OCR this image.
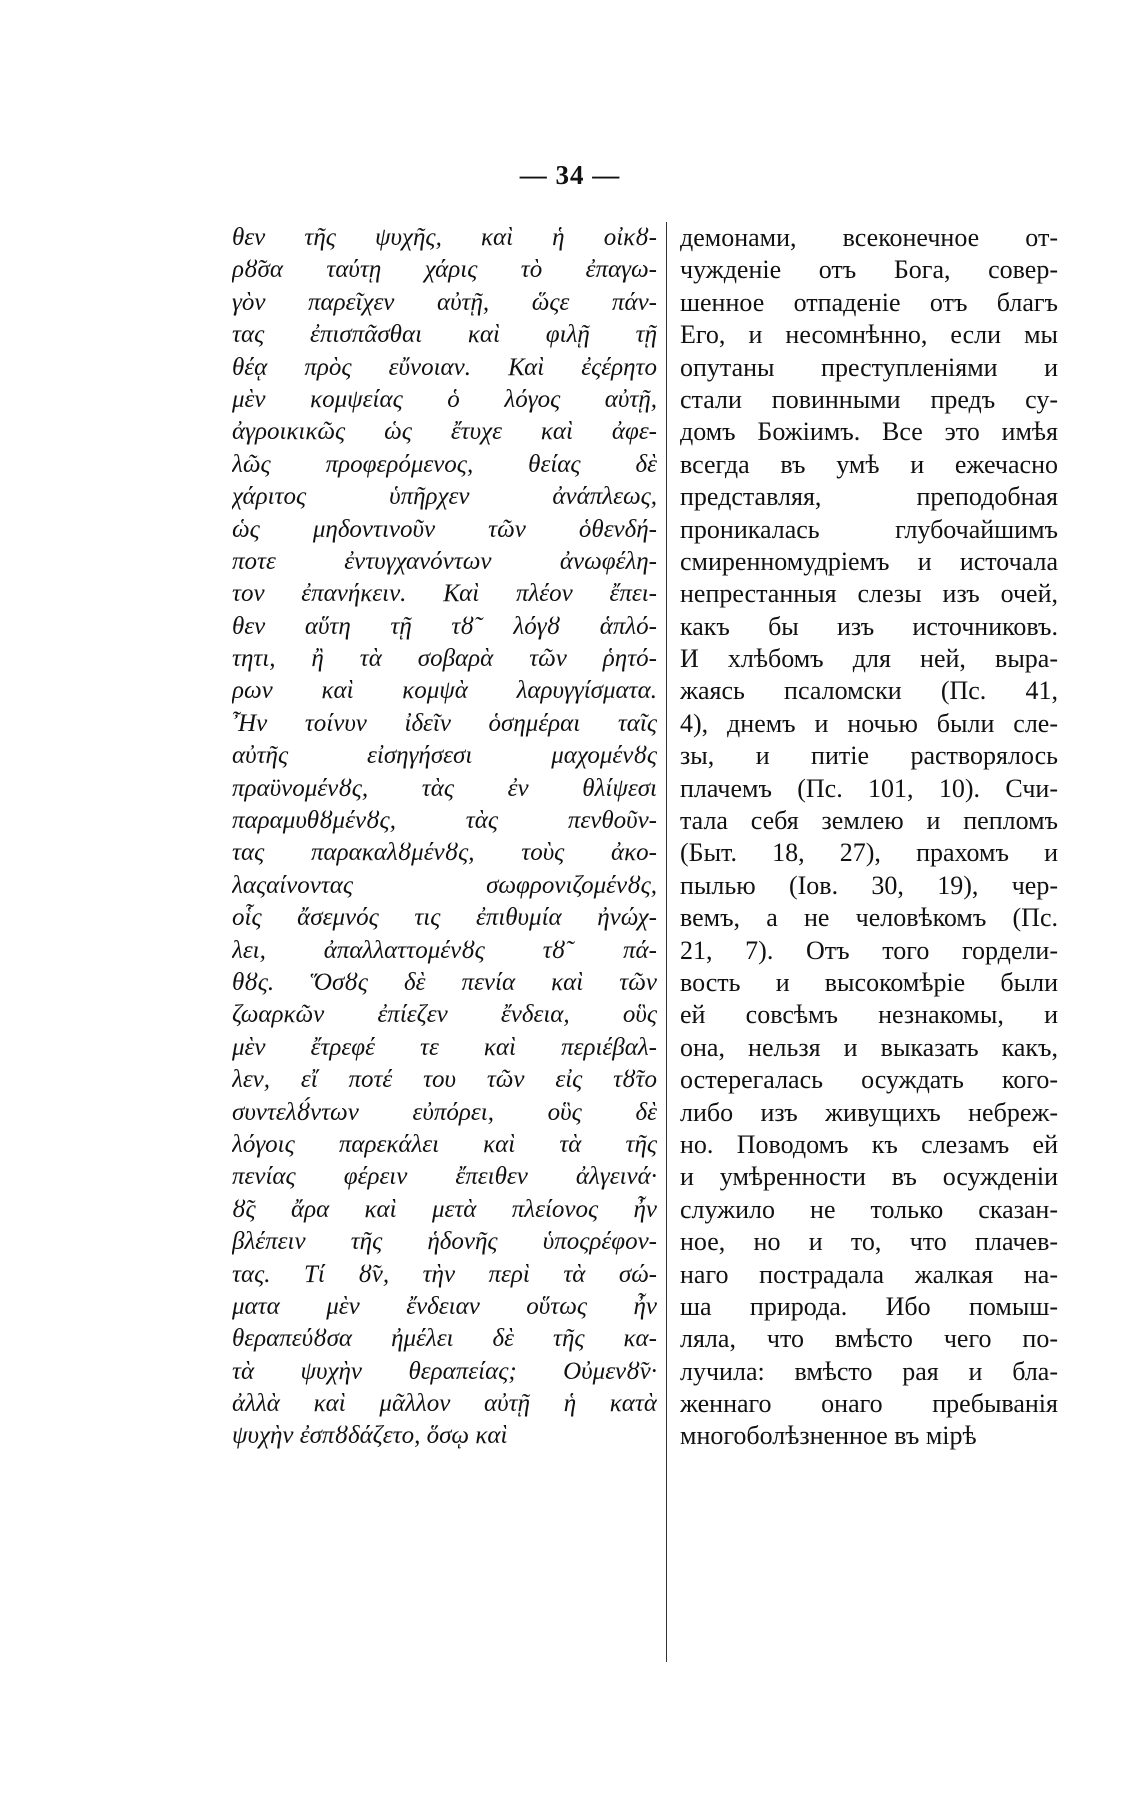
— 34 —
θεν τῆς ψυχῆς, καὶ ἡ οἰκȣ-
ρȣ̃σα ταύτῃ χάρις τὸ ἐπαγω-
γὸν παρεῖχεν αὐτῇ, ὥςε πάν-
τας ἐπισπᾶσθαι καὶ φιλῇ τῇ
θέᾳ πρὸς εὔνοιαν. Καὶ ἐςέρητο
μὲν κομψείας ὁ λόγος αὐτῇ,
ἀγροικικῶς ὡς ἔτυχε καὶ ἀφε-
λῶς προφερόμενος, θείας δὲ
χάριτος ὑπῆρχεν ἀνάπλεως,
ὡς μηδοντινοῦν τῶν ὁθενδή-
ποτε ἐντυγχανόντων ἀνωφέλη-
τον ἐπανήκειν. Καὶ πλέον ἔπει-
θεν αὕτη τῇ τȣ̃ λόγȣ ἁπλό-
τητι, ἢ τὰ σοβαρὰ τῶν ῥητό-
ρων καὶ κομψὰ λαρυγγίσματα.
Ἦν τοίνυν ἰδεῖν ὁσημέραι ταῖς
αὐτῆς εἰσηγήσεσι μαχομένȣς
πραϋνομένȣς, τὰς ἐν θλίψεσι
παραμυθȣμένȣς, τὰς πενθοῦν-
τας παρακαλȣμένȣς, τοὺς ἀκο-
λαςαίνοντας σωφρονιζομένȣς,
οἷς ἄσεμνός τις ἐπιθυμία ἠνώχ-
λει, ἀπαλλαττομένȣς τȣ̃ πά-
θȣς. Ὅσȣς δὲ πενία καὶ τῶν
ζωαρκῶν ἐπίεζεν ἔνδεια, οὓς
μὲν ἔτρεφέ τε καὶ περιέβαλ-
λεν, εἴ ποτέ του τῶν εἰς τȣ̃το
συντελȣ́ντων εὐπόρει, οὓς δὲ
λόγοις παρεκάλει καὶ τὰ τῆς
πενίας φέρειν ἔπειθεν ἀλγεινά·
ȣ̃ς ἄρα καὶ μετὰ πλείονος ἦν
βλέπειν τῆς ἡδονῆς ὑποςρέφον-
τας. Τί ȣ̃ν, τὴν περὶ τὰ σώ-
ματα μὲν ἔνδειαν οὕτως ἦν
θεραπεύȣσα ἠμέλει δὲ τῆς κα-
τὰ ψυχὴν θεραπείας; Οὐμενȣ̃ν·
ἀλλὰ καὶ μᾶλλον αὐτῇ ἡ κατὰ
ψυχὴν ἐσπȣδάζετο, ὅσῳ καὶ
демонами, всеконечное от-
чужденіе отъ Бога, совер-
шенное отпаденіе отъ благъ
Его, и несомнѣнно, если мы
опутаны преступленіями и
стали повинными предъ су-
домъ Божіимъ. Все это имѣя
всегда въ умѣ и ежечасно
представляя, преподобная
проникалась глубочайшимъ
смиренномудріемъ и источала
непрестанныя слезы изъ очей,
какъ бы изъ источниковъ.
И хлѣбомъ для ней, выра-
жаясь псаломски (Пс. 41,
4), днемъ и ночью были сле-
зы, и питіе растворялось
плачемъ (Пс. 101, 10). Счи-
тала себя землею и пепломъ
(Быт. 18, 27), прахомъ и
пылью (Іов. 30, 19), чер-
вемъ, а не человѣкомъ (Пс.
21, 7). Отъ того гордели-
вость и высокомѣріе были
ей совсѣмъ незнакомы, и
она, нельзя и выказать какъ,
остерегалась осуждать кого-
либо изъ живущихъ небреж-
но. Поводомъ къ слезамъ ей
и умѣренности въ осужденіи
служило не только сказан-
ное, но и то, что плачев-
наго пострадала жалкая на-
ша природа. Ибо помыш-
ляла, что вмѣсто чего по-
лучила: вмѣсто рая и бла-
женнаго онаго пребыванія
многоболѣзненное въ мірѣ
